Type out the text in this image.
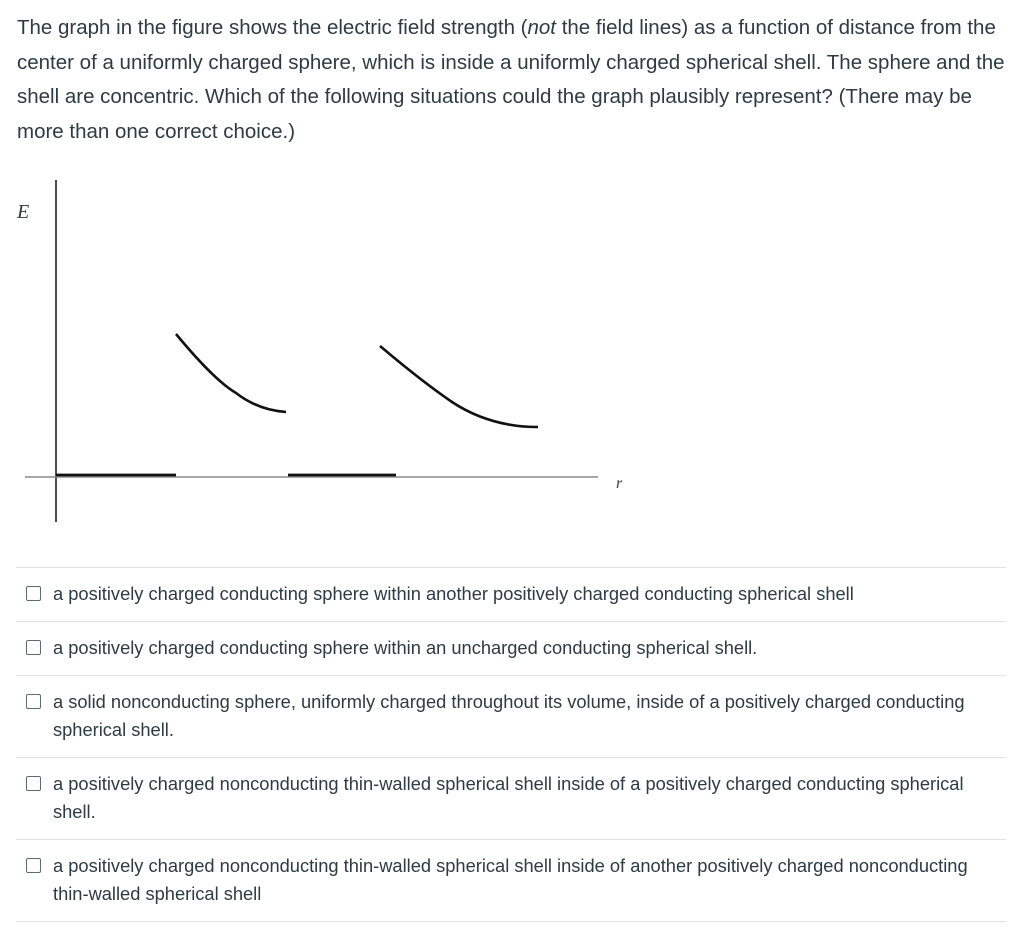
The graph in the figure shows the electric field strength (not the field lines) as a function of distance from the center of a uniformly charged sphere, which is inside a uniformly charged spherical shell. The sphere and the shell are concentric. Which of the following situations could the graph plausibly represent? (There may be more than one correct choice.)

E
r
a positively charged conducting sphere within another positively charged conducting spherical shell
a positively charged conducting sphere within an uncharged conducting spherical shell.
a solid nonconducting sphere, uniformly charged throughout its volume, inside of a positively charged conducting spherical shell.
a positively charged nonconducting thin-walled spherical shell inside of a positively charged conducting spherical shell.
a positively charged nonconducting thin-walled spherical shell inside of another positively charged nonconducting thin-walled spherical shell
